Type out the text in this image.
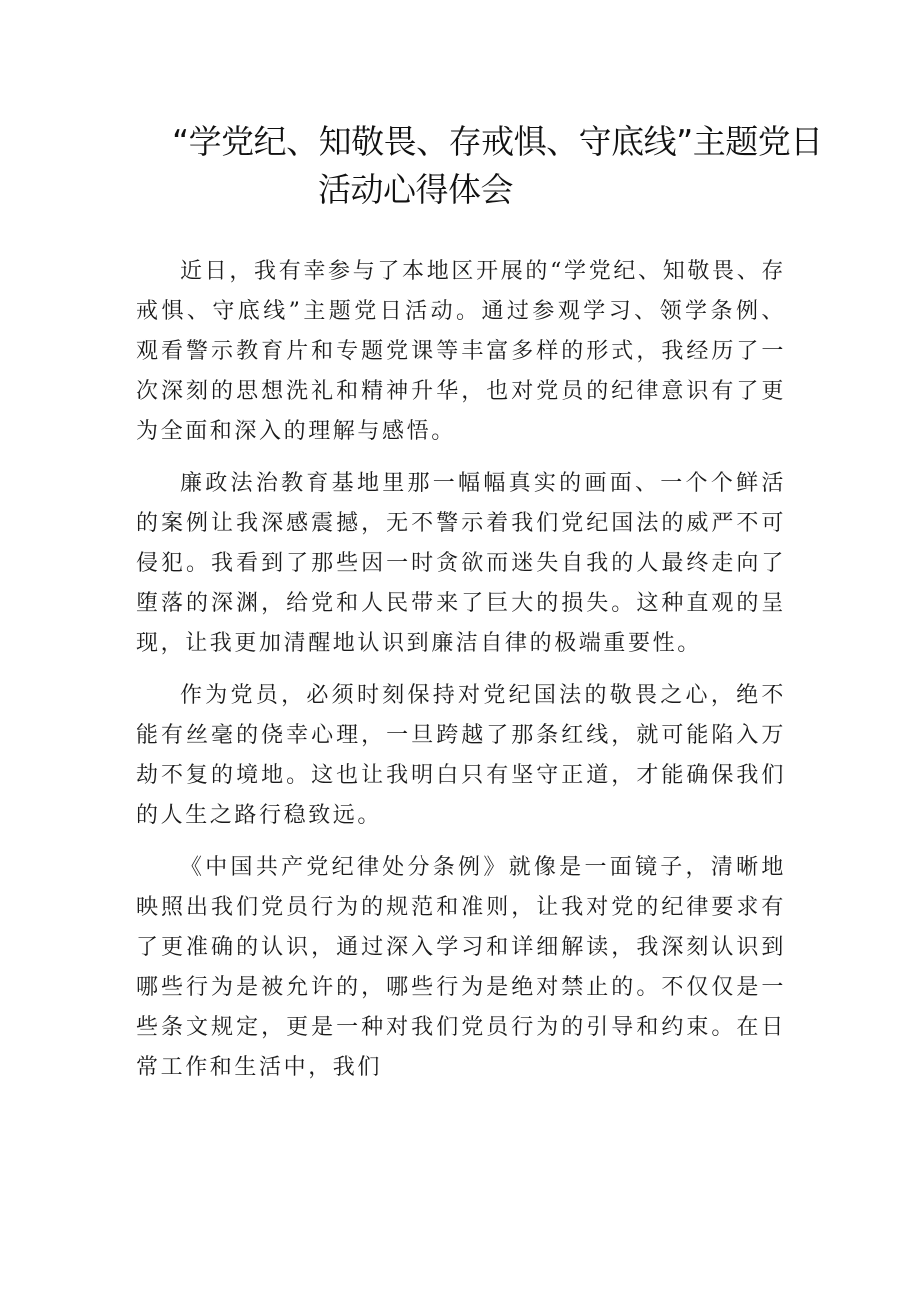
“学党纪、知敬畏、存戒惧、守底线”主题党日
活动心得体会

近日，我有幸参与了本地区开展的“学党纪、知敬畏、存戒惧、守底线”主题党日活动。通过参观学习、领学条例、观看警示教育片和专题党课等丰富多样的形式，我经历了一次深刻的思想洗礼和精神升华，也对党员的纪律意识有了更为全面和深入的理解与感悟。

廉政法治教育基地里那一幅幅真实的画面、一个个鲜活的案例让我深感震撼，无不警示着我们党纪国法的威严不可侵犯。我看到了那些因一时贪欲而迷失自我的人最终走向了堕落的深渊，给党和人民带来了巨大的损失。这种直观的呈现，让我更加清醒地认识到廉洁自律的极端重要性。

作为党员，必须时刻保持对党纪国法的敬畏之心，绝不能有丝毫的侥幸心理，一旦跨越了那条红线，就可能陷入万劫不复的境地。这也让我明白只有坚守正道，才能确保我们的人生之路行稳致远。

《中国共产党纪律处分条例》就像是一面镜子，清晰地映照出我们党员行为的规范和准则，让我对党的纪律要求有了更准确的认识，通过深入学习和详细解读，我深刻认识到哪些行为是被允许的，哪些行为是绝对禁止的。不仅仅是一些条文规定，更是一种对我们党员行为的引导和约束。在日常工作和生活中，我们
